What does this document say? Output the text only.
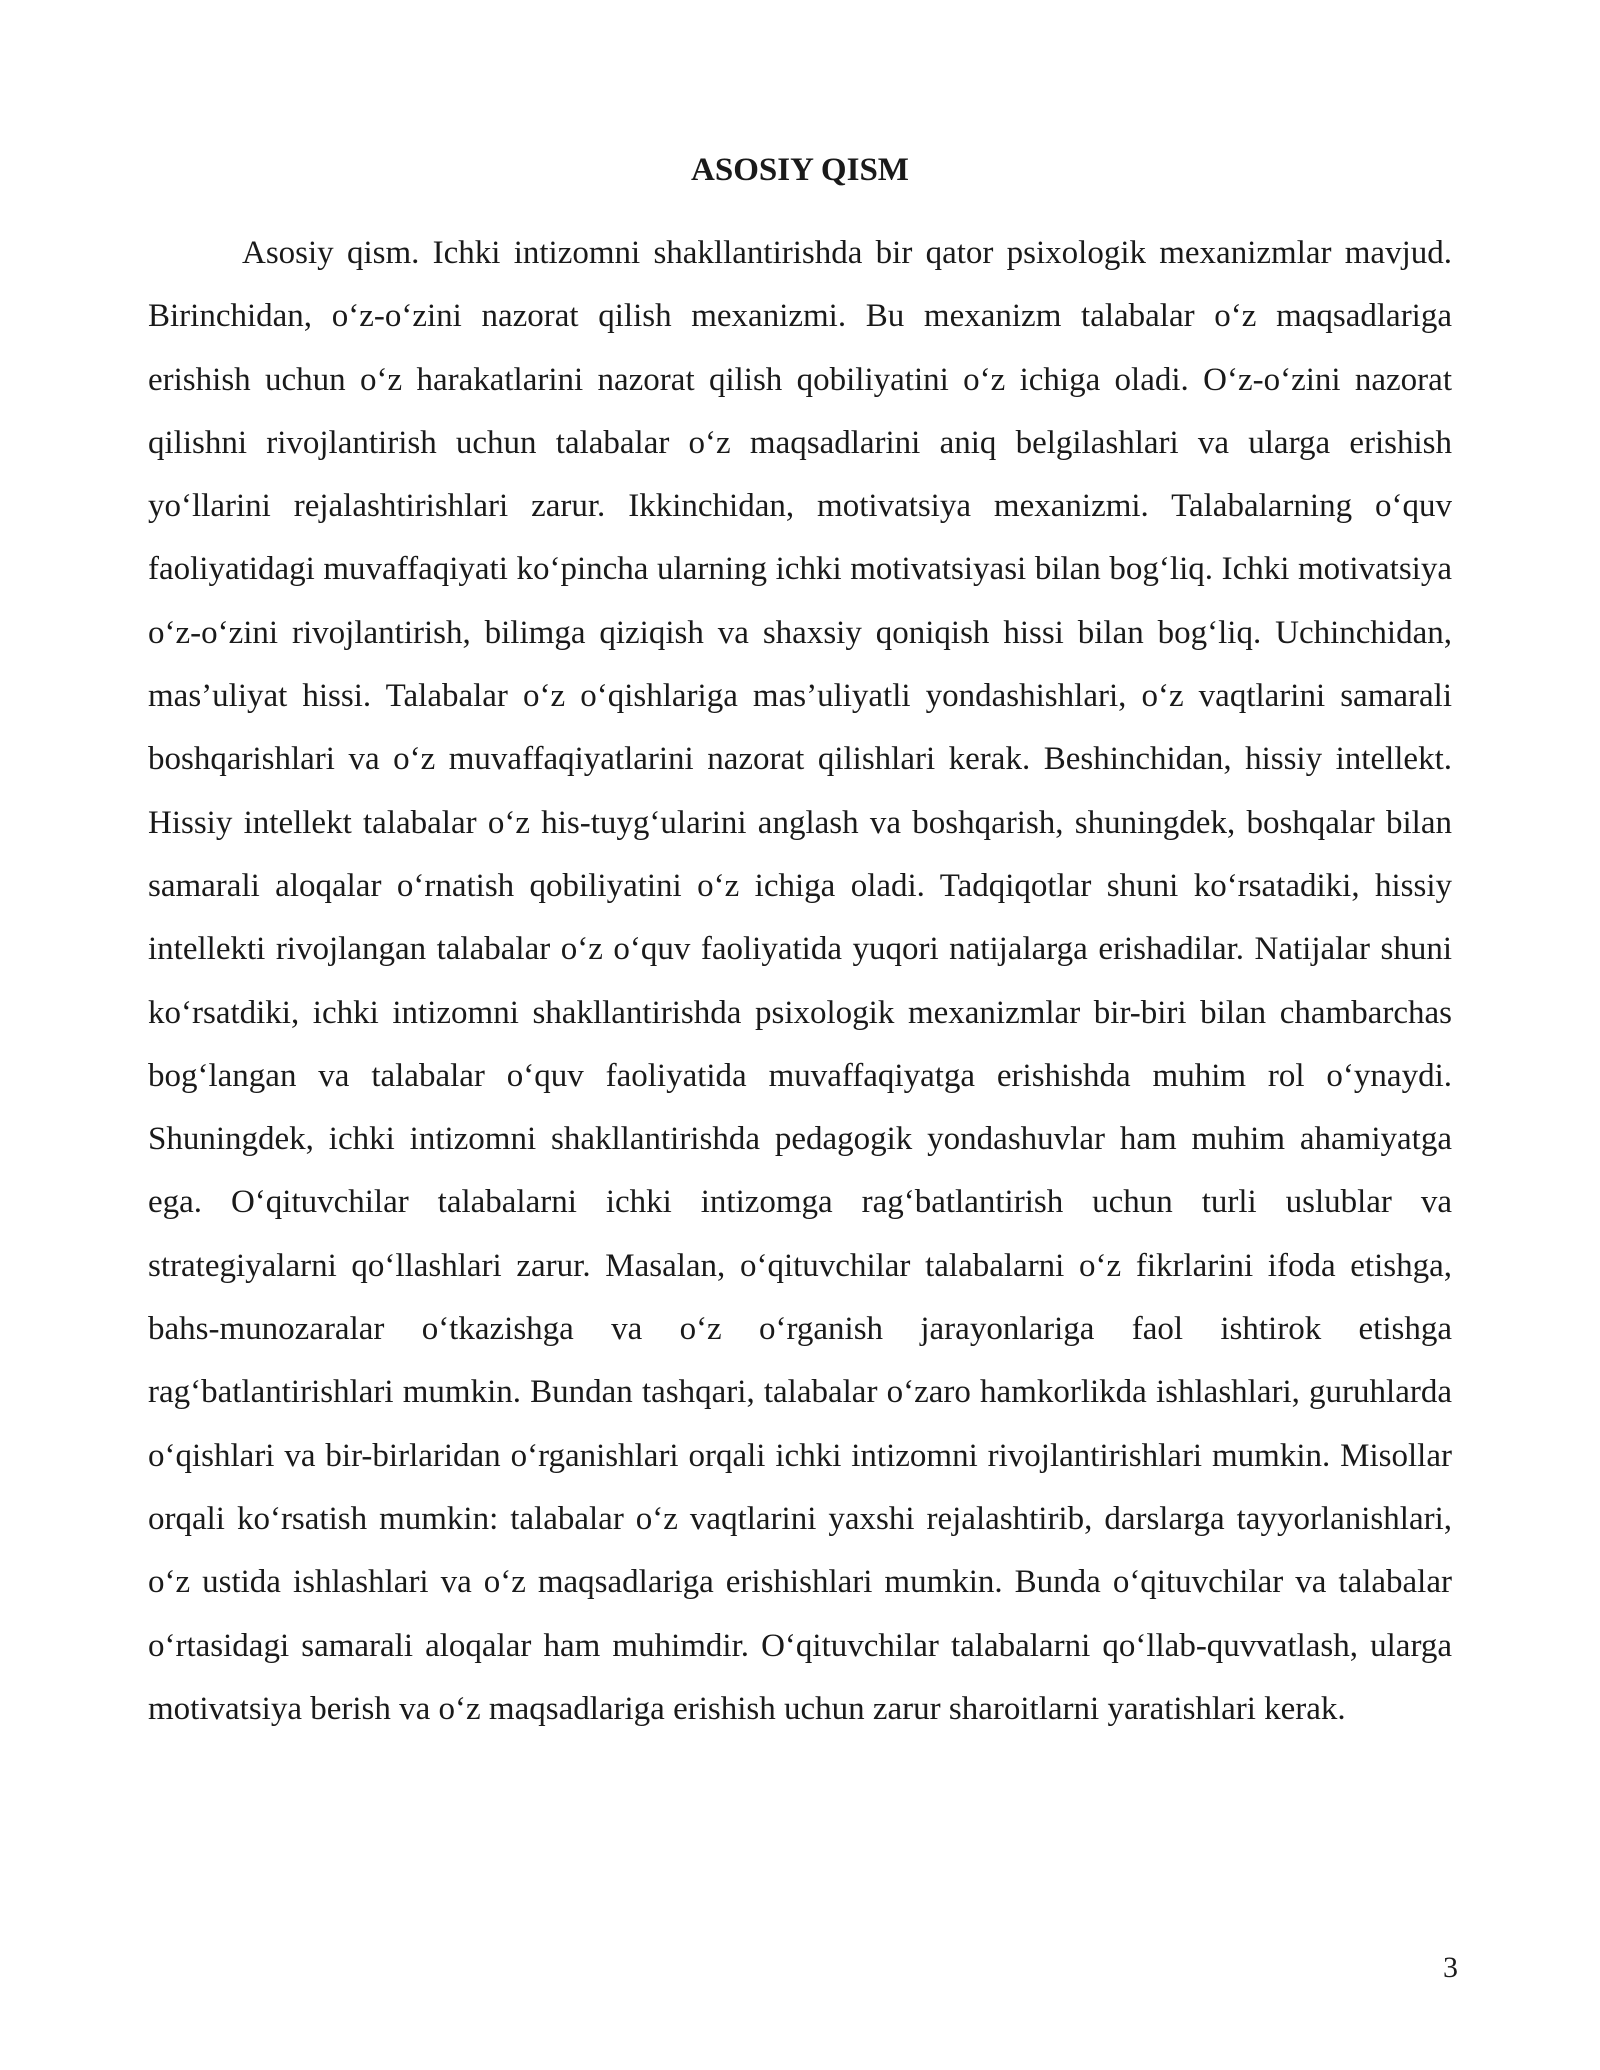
ASOSIY QISM

Asosiy qism. Ichki intizomni shakllantirishda bir qator psixologik mexanizmlar mavjud. Birinchidan, o‘z-o‘zini nazorat qilish mexanizmi. Bu mexanizm talabalar o‘z maqsadlariga erishish uchun o‘z harakatlarini nazorat qilish qobiliyatini o‘z ichiga oladi. O‘z-o‘zini nazorat qilishni rivojlantirish uchun talabalar o‘z maqsadlarini aniq belgilashlari va ularga erishish yo‘llarini rejalashtirishlari zarur. Ikkinchidan, motivatsiya mexanizmi. Talabalarning o‘quv faoliyatidagi muvaffaqiyati ko‘pincha ularning ichki motivatsiyasi bilan bog‘liq. Ichki motivatsiya o‘z-o‘zini rivojlantirish, bilimga qiziqish va shaxsiy qoniqish hissi bilan bog‘liq. Uchinchidan, mas’uliyat hissi. Talabalar o‘z o‘qishlariga mas’uliyatli yondashishlari, o‘z vaqtlarini samarali boshqarishlari va o‘z muvaffaqiyatlarini nazorat qilishlari kerak. Beshinchidan, hissiy intellekt. Hissiy intellekt talabalar o‘z his-tuyg‘ularini anglash va boshqarish, shuningdek, boshqalar bilan samarali aloqalar o‘rnatish qobiliyatini o‘z ichiga oladi. Tadqiqotlar shuni ko‘rsatadiki, hissiy intellekti rivojlangan talabalar o‘z o‘quv faoliyatida yuqori natijalarga erishadilar. Natijalar shuni ko‘rsatdiki, ichki intizomni shakllantirishda psixologik mexanizmlar bir-biri bilan chambarchas bog‘langan va talabalar o‘quv faoliyatida muvaffaqiyatga erishishda muhim rol o‘ynaydi. Shuningdek, ichki intizomni shakllantirishda pedagogik yondashuvlar ham muhim ahamiyatga ega. O‘qituvchilar talabalarni ichki intizomga rag‘batlantirish uchun turli uslublar va strategiyalarni qo‘llashlari zarur. Masalan, o‘qituvchilar talabalarni o‘z fikrlarini ifoda etishga, bahs-munozaralar o‘tkazishga va o‘z o‘rganish jarayonlariga faol ishtirok etishga rag‘batlantirishlari mumkin. Bundan tashqari, talabalar o‘zaro hamkorlikda ishlashlari, guruhlarda o‘qishlari va bir-birlaridan o‘rganishlari orqali ichki intizomni rivojlantirishlari mumkin. Misollar orqali ko‘rsatish mumkin: talabalar o‘z vaqtlarini yaxshi rejalashtirib, darslarga tayyorlanishlari, o‘z ustida ishlashlari va o‘z maqsadlariga erishishlari mumkin. Bunda o‘qituvchilar va talabalar o‘rtasidagi samarali aloqalar ham muhimdir. O‘qituvchilar talabalarni qo‘llab-quvvatlash, ularga motivatsiya berish va o‘z maqsadlariga erishish uchun zarur sharoitlarni yaratishlari kerak.

3
